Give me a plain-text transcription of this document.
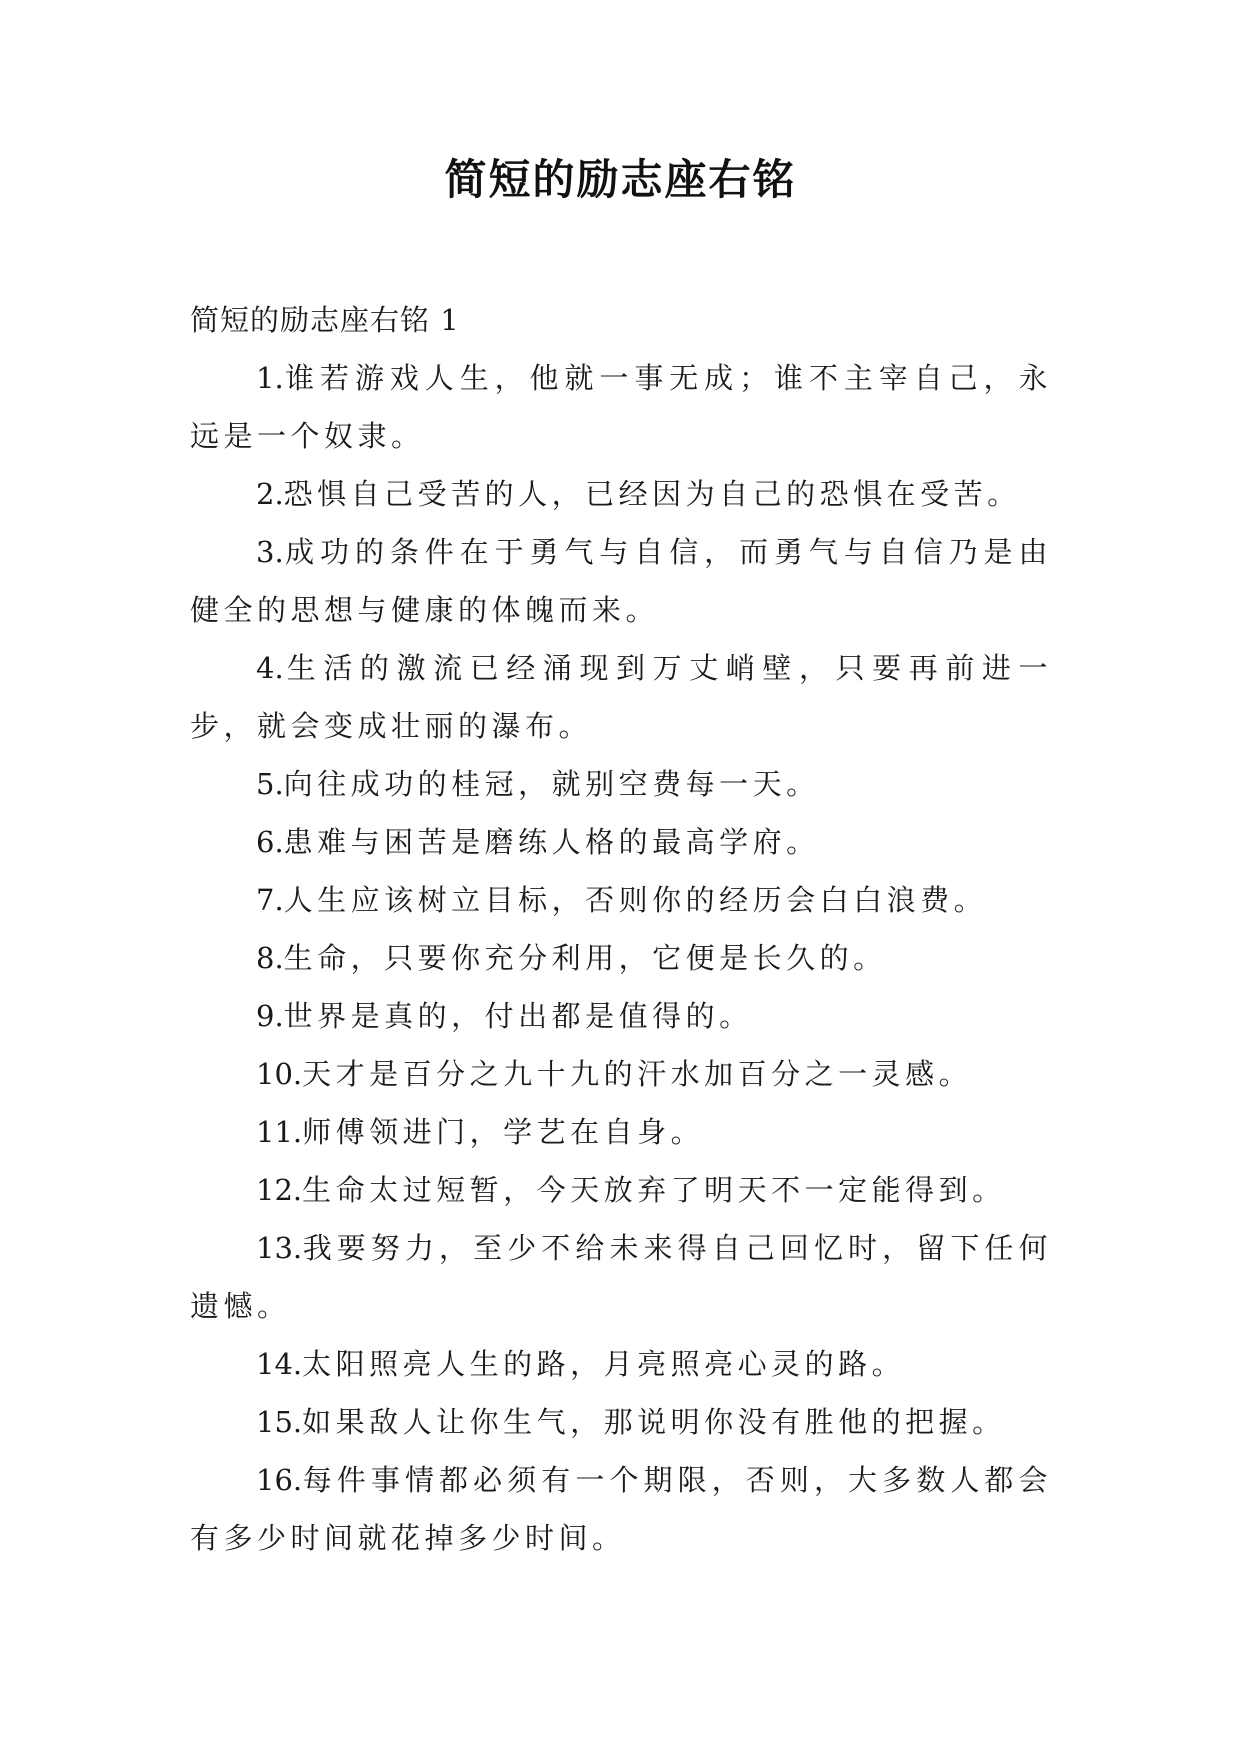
简短的励志座右铭

简短的励志座右铭 1

1.谁若游戏人生，他就一事无成；谁不主宰自己，永远是一个奴隶。

2.恐惧自己受苦的人，已经因为自己的恐惧在受苦。

3.成功的条件在于勇气与自信，而勇气与自信乃是由健全的思想与健康的体魄而来。

4.生活的激流已经涌现到万丈峭壁，只要再前进一步，就会变成壮丽的瀑布。

5.向往成功的桂冠，就别空费每一天。

6.患难与困苦是磨练人格的最高学府。

7.人生应该树立目标，否则你的经历会白白浪费。

8.生命，只要你充分利用，它便是长久的。

9.世界是真的，付出都是值得的。

10.天才是百分之九十九的汗水加百分之一灵感。

11.师傅领进门，学艺在自身。

12.生命太过短暂，今天放弃了明天不一定能得到。

13.我要努力，至少不给未来得自己回忆时，留下任何遗憾。

14.太阳照亮人生的路，月亮照亮心灵的路。

15.如果敌人让你生气，那说明你没有胜他的把握。

16.每件事情都必须有一个期限，否则，大多数人都会有多少时间就花掉多少时间。
